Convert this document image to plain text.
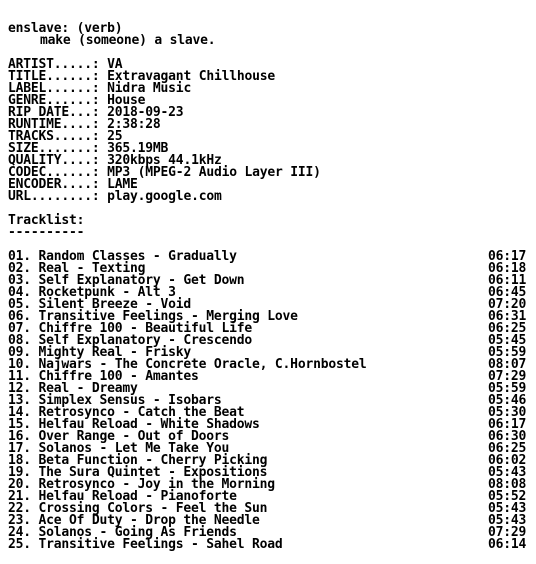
enslave: (verb)
make (someone) a slave.
ARTIST.....: VA
TITLE......: Extravagant Chillhouse
LABEL......: Nidra Music
GENRE......: House
RIP DATE...: 2018-09-23
RUNTIME....: 2:38:28
TRACKS.....: 25
SIZE.......: 365.19MB
QUALITY....: 320kbps 44.1kHz
CODEC......: MP3 (MPEG-2 Audio Layer III)
ENCODER....: LAME
URL........: play.google.com
Tracklist:
----------
01. Random Classes - Gradually	06:17
02. Real - Texting	06:18
03. Self Explanatory - Get Down	06:11
04. Rocketpunk - Alt 3	06:45
05. Silent Breeze - Void	07:20
06. Transitive Feelings - Merging Love	06:31
07. Chiffre 100 - Beautiful Life	06:25
08. Self Explanatory - Crescendo	05:45
09. Mighty Real - Frisky	05:59
10. Najwars - The Concrete Oracle, C.Hornbostel	08:07
11. Chiffre 100 - Amantes	07:29
12. Real - Dreamy	05:59
13. Simplex Sensus - Isobars	05:46
14. Retrosynco - Catch the Beat	05:30
15. Helfau Reload - White Shadows	06:17
16. Over Range - Out of Doors	06:30
17. Solanos - Let Me Take You	06:25
18. Beta Function - Cherry Picking	06:02
19. The Sura Quintet - Expositions	05:43
20. Retrosynco - Joy in the Morning	08:08
21. Helfau Reload - Pianoforte	05:52
22. Crossing Colors - Feel the Sun	05:43
23. Ace Of Duty - Drop the Needle	05:43
24. Solanos - Going As Friends	07:29
25. Transitive Feelings - Sahel Road	06:14
